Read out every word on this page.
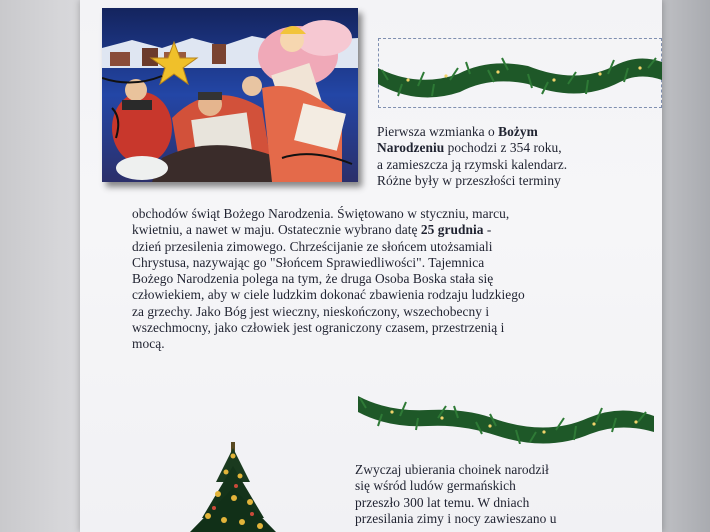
Pierwsza wzmianka o Bożym
Narodzeniu pochodzi z 354 roku,
a zamieszcza ją rzymski kalendarz.
Różne były w przeszłości terminy
obchodów świąt Bożego Narodzenia. Świętowano w styczniu, marcu,
kwietniu, a nawet w maju. Ostatecznie wybrano datę 25 grudnia -
dzień przesilenia zimowego. Chrześcijanie ze słońcem utożsamiali
Chrystusa, nazywając go "Słońcem Sprawiedliwości". Tajemnica
Bożego Narodzenia polega na tym, że druga Osoba Boska stała się
człowiekiem, aby w ciele ludzkim dokonać zbawienia rodzaju ludzkiego
za grzechy. Jako Bóg jest wieczny, nieskończony, wszechobecny i
wszechmocny, jako człowiek jest ograniczony czasem, przestrzenią i
mocą.
Zwyczaj ubierania choinek narodził
się wśród ludów germańskich
przeszło 300 lat temu. W dniach
przesilania zimy i nocy zawieszano u
